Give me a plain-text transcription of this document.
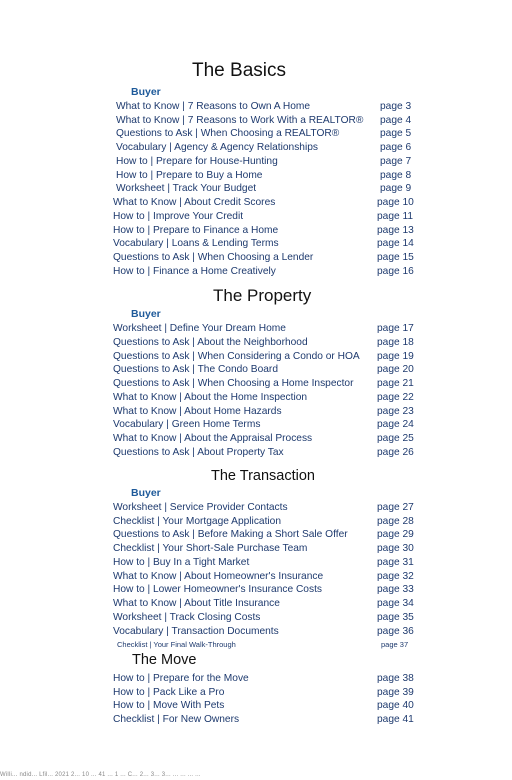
The Basics
Buyer
What to Know | 7 Reasons to Own A Home	page 3
What to Know | 7 Reasons to Work With a REALTOR® page 4
Questions to Ask | When Choosing a REALTOR®	page 5
Vocabulary | Agency & Agency Relationships	page 6
How to | Prepare for House-Hunting	page 7
How to | Prepare to Buy a Home	page 8
Worksheet | Track Your Budget	page 9
What to Know | About Credit Scores	page 10
How to | Improve Your Credit	page 11
How to | Prepare to Finance a Home	page 13
Vocabulary | Loans & Lending Terms	page 14
Questions to Ask | When Choosing a Lender	page 15
How to | Finance a Home Creatively	page 16
The Property
Buyer
Worksheet | Define Your Dream Home	page 17
Questions to Ask | About the Neighborhood	page 18
Questions to Ask | When Considering a Condo or HOA page 19
Questions to Ask | The Condo Board	page 20
Questions to Ask | When Choosing a Home Inspector page 21
What to Know | About the Home Inspection	page 22
What to Know | About Home Hazards	page 23
Vocabulary | Green Home Terms	page 24
What to Know | About the Appraisal Process	page 25
Questions to Ask | About Property Tax	page 26
The Transaction
Buyer
Worksheet | Service Provider Contacts	page 27
Checklist | Your Mortgage Application	page 28
Questions to Ask | Before Making a Short Sale Offer	page 29
Checklist | Your Short-Sale Purchase Team	page 30
How to | Buy In a Tight Market	page 31
What to Know | About Homeowner's Insurance	page 32
How to | Lower Homeowner's Insurance Costs	page 33
What to Know | About Title Insurance	page 34
Worksheet | Track Closing Costs	page 35
Vocabulary | Transaction Documents	page 36
Checklist | Your Final Walk-Through	page 37
The Move
How to | Prepare for the Move	page 38
How to | Pack Like a Pro	page 39
How to | Move With Pets	page 40
Checklist | For New Owners	page 41
Willi... ndid... Lfil... 2021 2... 10 ... 41 ... 1 ... C... 2... 3... 3... ... ... ... ...
